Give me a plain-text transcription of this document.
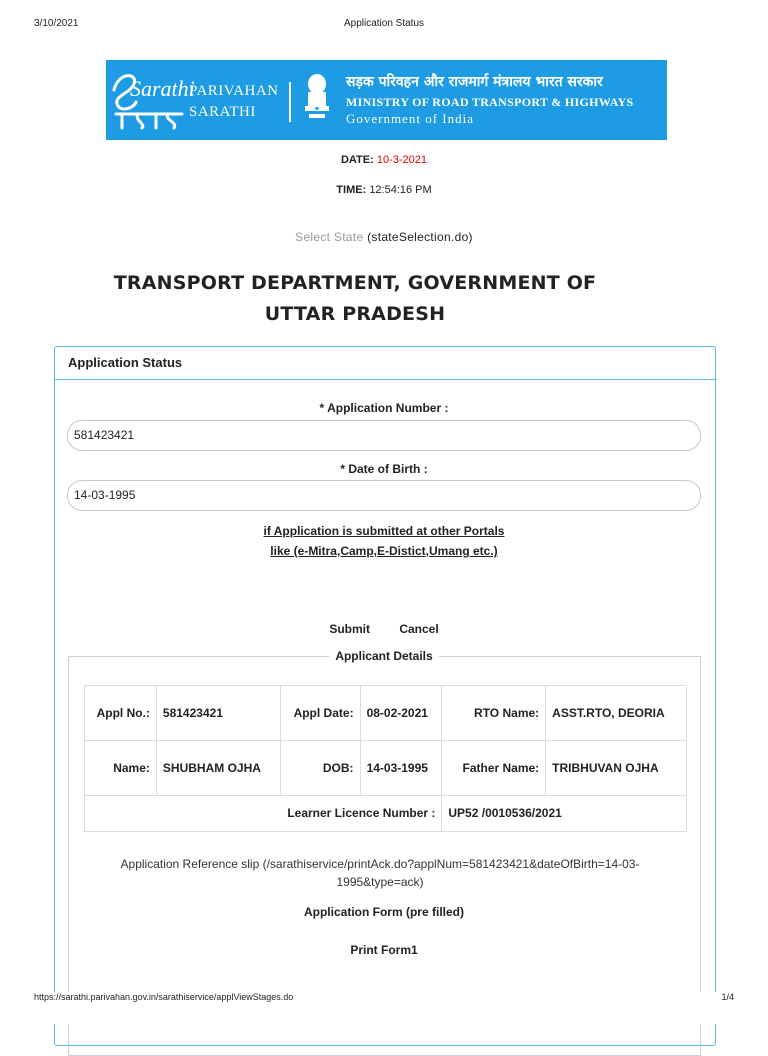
3/10/2021	Application Status
Sarathi
PARIVAHAN
SARATHI
सड़क परिवहन और राजमार्ग मंत्रालय भारत सरकार
MINISTRY OF ROAD TRANSPORT & HIGHWAYS
Government of India
DATE: 10-3-2021
TIME: 12:54:16 PM
Select State (stateSelection.do)
TRANSPORT DEPARTMENT, GOVERNMENT OF UTTAR PRADESH
Application Status
* Application Number :
581423421
* Date of Birth :
14-03-1995
if Application is submitted at other Portals
like (e-Mitra,Camp,E-Distict,Umang etc.)
Submit Cancel
Applicant Details
Appl No.:	581423421	Appl Date:	08-02-2021	RTO Name:	ASST.RTO, DEORIA
Name:	SHUBHAM OJHA	DOB:	14-03-1995	Father Name:	TRIBHUVAN OJHA
Learner Licence Number :				UP52 /0010536/2021	
Application Reference slip (/sarathiservice/printAck.do?applNum=581423421&dateOfBirth=14-03-1995&type=ack)
Application Form (pre filled)
Print Form1
https://sarathi.parivahan.gov.in/sarathiservice/applViewStages.do	1/4
